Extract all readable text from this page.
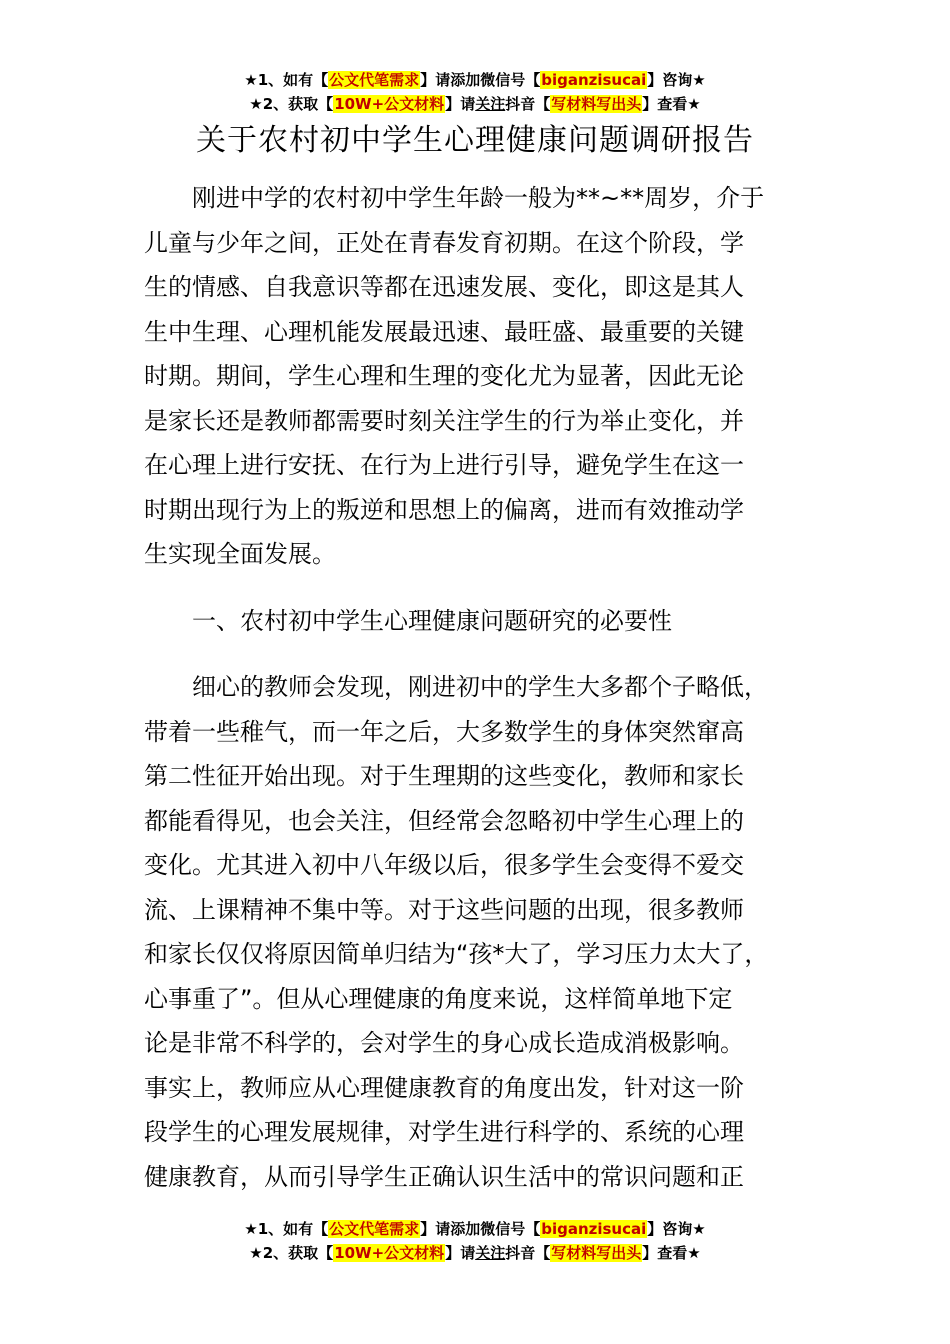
★1、如有【公文代笔需求】请添加微信号【biganzisucai】咨询★
★2、获取【10W+公文材料】请关注抖音【写材料写出头】查看★
关于农村初中学生心理健康问题调研报告
刚进中学的农村初中学生年龄一般为**~**周岁，介于
儿童与少年之间，正处在青春发育初期。在这个阶段，学
生的情感、自我意识等都在迅速发展、变化，即这是其人
生中生理、心理机能发展最迅速、最旺盛、最重要的关键
时期。期间，学生心理和生理的变化尤为显著，因此无论
是家长还是教师都需要时刻关注学生的行为举止变化，并
在心理上进行安抚、在行为上进行引导，避免学生在这一
时期出现行为上的叛逆和思想上的偏离，进而有效推动学
生实现全面发展。
一、农村初中学生心理健康问题研究的必要性
细心的教师会发现，刚进初中的学生大多都个子略低，
带着一些稚气，而一年之后，大多数学生的身体突然窜高
第二性征开始出现。对于生理期的这些变化，教师和家长
都能看得见，也会关注，但经常会忽略初中学生心理上的
变化。尤其进入初中八年级以后，很多学生会变得不爱交
流、上课精神不集中等。对于这些问题的出现，很多教师
和家长仅仅将原因简单归结为“孩*大了，学习压力太大了，
心事重了”。但从心理健康的角度来说，这样简单地下定
论是非常不科学的，会对学生的身心成长造成消极影响。
事实上，教师应从心理健康教育的角度出发，针对这一阶
段学生的心理发展规律，对学生进行科学的、系统的心理
健康教育，从而引导学生正确认识生活中的常识问题和正
★1、如有【公文代笔需求】请添加微信号【biganzisucai】咨询★
★2、获取【10W+公文材料】请关注抖音【写材料写出头】查看★
